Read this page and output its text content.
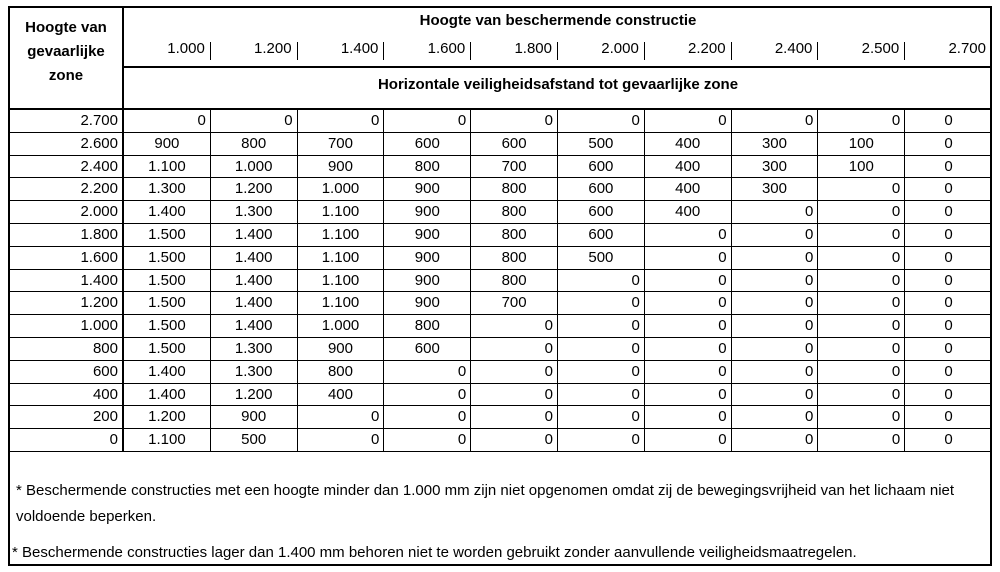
Hoogte van
gevaarlijke
zone
Hoogte van beschermende constructie
1.000	1.200	1.400	1.600	1.800	2.000	2.200	2.400	2.500	2.700
Horizontale veiligheidsafstand tot gevaarlijke zone
2.700	0	0	0	0	0	0	0	0	0	0
2.600	900	800	700	600	600	500	400	300	100	0
2.400	1.100	1.000	900	800	700	600	400	300	100	0
2.200	1.300	1.200	1.000	900	800	600	400	300	0	0
2.000	1.400	1.300	1.100	900	800	600	400	0	0	0
1.800	1.500	1.400	1.100	900	800	600	0	0	0	0
1.600	1.500	1.400	1.100	900	800	500	0	0	0	0
1.400	1.500	1.400	1.100	900	800	0	0	0	0	0
1.200	1.500	1.400	1.100	900	700	0	0	0	0	0
1.000	1.500	1.400	1.000	800	0	0	0	0	0	0
800	1.500	1.300	900	600	0	0	0	0	0	0
600	1.400	1.300	800	0	0	0	0	0	0	0
400	1.400	1.200	400	0	0	0	0	0	0	0
200	1.200	900	0	0	0	0	0	0	0	0
0	1.100	500	0	0	0	0	0	0	0	0
* Beschermende constructies met een hoogte minder dan 1.000 mm zijn niet opgenomen omdat zij de bewegingsvrijheid van het lichaam niet voldoende beperken.
* Beschermende constructies lager dan 1.400 mm behoren niet te worden gebruikt zonder aanvullende veiligheidsmaatregelen.
